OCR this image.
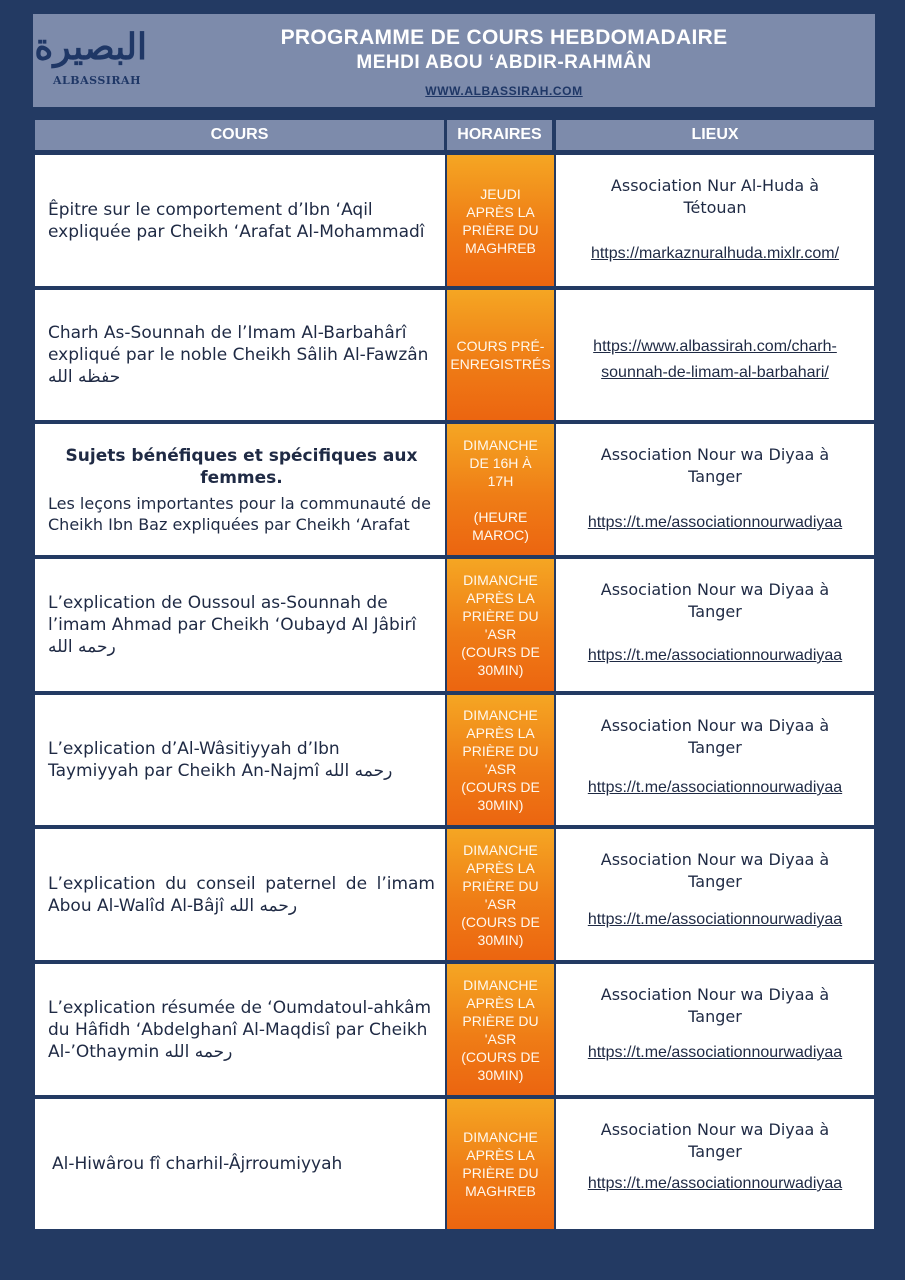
البصيرة
ALBASSIRAH
PROGRAMME DE COURS HEBDOMADAIRE
MEHDI ABOU ‘ABDIR-RAHMÂN
WWW.ALBASSIRAH.COM
COURS	HORAIRES	LIEUX
Êpitre sur le comportement d’Ibn ‘Aqil expliquée par Cheikh ‘Arafat Al-Mohammadî
JEUDI
APRÈS LA
PRIÈRE DU
MAGHREB
Association Nur Al-Huda à Tétouan
https://markaznuralhuda.mixlr.com/
Charh As-Sounnah de l’Imam Al-Barbahârî expliqué par le noble Cheikh Sâlih Al-Fawzân حفظه الله
COURS PRÉ-
ENREGISTRÉS
https://www.albassirah.com/charh-sounnah-de-limam-al-barbahari/
Sujets bénéfiques et spécifiques aux femmes.
Les leçons importantes pour la communauté de Cheikh Ibn Baz expliquées par Cheikh ‘Arafat
DIMANCHE
DE 16H À
17H

(HEURE
MAROC)
Association Nour wa Diyaa à Tanger
https://t.me/associationnourwadiyaa
L’explication de Oussoul as-Sounnah de l’imam Ahmad par Cheikh ‘Oubayd Al Jâbirî رحمه الله
DIMANCHE
APRÈS LA
PRIÈRE DU
'ASR
(COURS DE
30MIN)
Association Nour wa Diyaa à Tanger
https://t.me/associationnourwadiyaa
L’explication d’Al-Wâsitiyyah d’Ibn Taymiyyah par Cheikh An-Najmî رحمه الله
DIMANCHE
APRÈS LA
PRIÈRE DU
'ASR
(COURS DE
30MIN)
Association Nour wa Diyaa à Tanger
https://t.me/associationnourwadiyaa
L’explication du conseil paternel de l’imam Abou Al-Walîd Al-Bâjî رحمه الله
DIMANCHE
APRÈS LA
PRIÈRE DU
'ASR
(COURS DE
30MIN)
Association Nour wa Diyaa à Tanger
https://t.me/associationnourwadiyaa
L’explication résumée de ‘Oumdatoul-ahkâm du Hâfidh ‘Abdelghanî Al-Maqdisî par Cheikh Al-’Othaymin رحمه الله
DIMANCHE
APRÈS LA
PRIÈRE DU
'ASR
(COURS DE
30MIN)
Association Nour wa Diyaa à Tanger
https://t.me/associationnourwadiyaa
Al-Hiwârou fî charhil-Âjrroumiyyah
DIMANCHE
APRÈS LA
PRIÈRE DU
MAGHREB
Association Nour wa Diyaa à Tanger
https://t.me/associationnourwadiyaa
